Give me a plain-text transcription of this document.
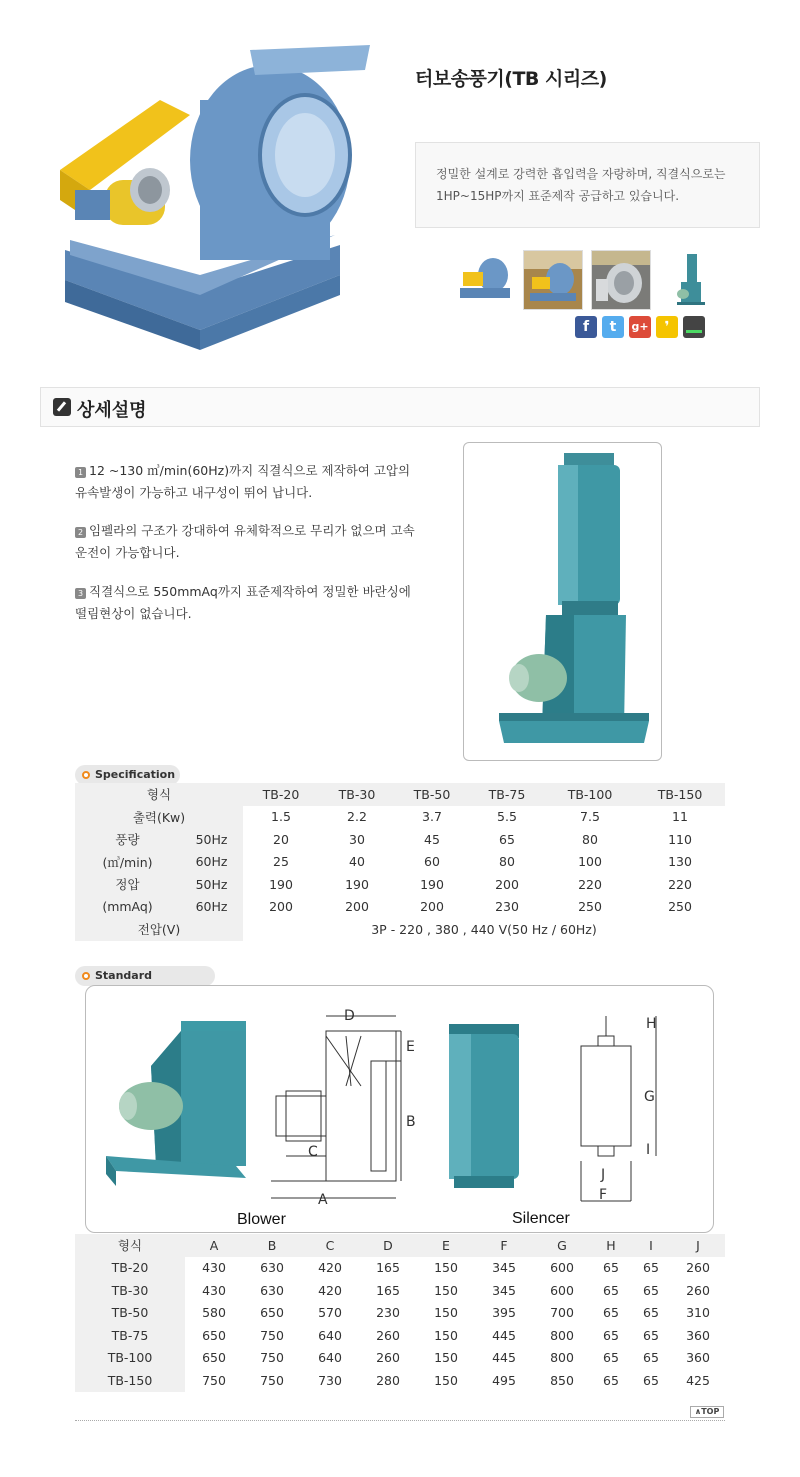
터보송풍기(TB 시리즈)
정밀한 설계로 강력한 흡입력을 자랑하며, 직결식으로는 1HP~15HP까지 표준제작 공급하고 있습니다.
f	t	g+	❜
상세설명
1 12 ~130 ㎥/min(60Hz)까지 직결식으로 제작하여 고압의 유속발생이 가능하고 내구성이 뛰어 납니다.
2 임펠라의 구조가 강대하여 유체학적으로 무리가 없으며 고속운전이 가능합니다.
3 직결식으로 550mmAq까지 표준제작하여 정밀한 바란싱에 떨림현상이 없습니다.
Specification
형식		TB-20	TB-30	TB-50	TB-75	TB-100	TB-150
출력(Kw)		1.5	2.2	3.7	5.5	7.5	11
풍량	50Hz	20	30	45	65	80	110
(㎥/min)	60Hz	25	40	60	80	100	130
정압	50Hz	190	190	190	200	220	220
(mmAq)	60Hz	200	200	200	230	250	250
전압(V)		3P - 220 , 380 , 440 V(50 Hz / 60Hz)					
Standard
D
E
B
C
A
H
G
I
J
F
Blower	Silencer
형식	A	B	C	D	E	F	G	H	I	J
TB-20	430	630	420	165	150	345	600	65	65	260
TB-30	430	630	420	165	150	345	600	65	65	260
TB-50	580	650	570	230	150	395	700	65	65	310
TB-75	650	750	640	260	150	445	800	65	65	360
TB-100	650	750	640	260	150	445	800	65	65	360
TB-150	750	750	730	280	150	495	850	65	65	425
∧TOP
